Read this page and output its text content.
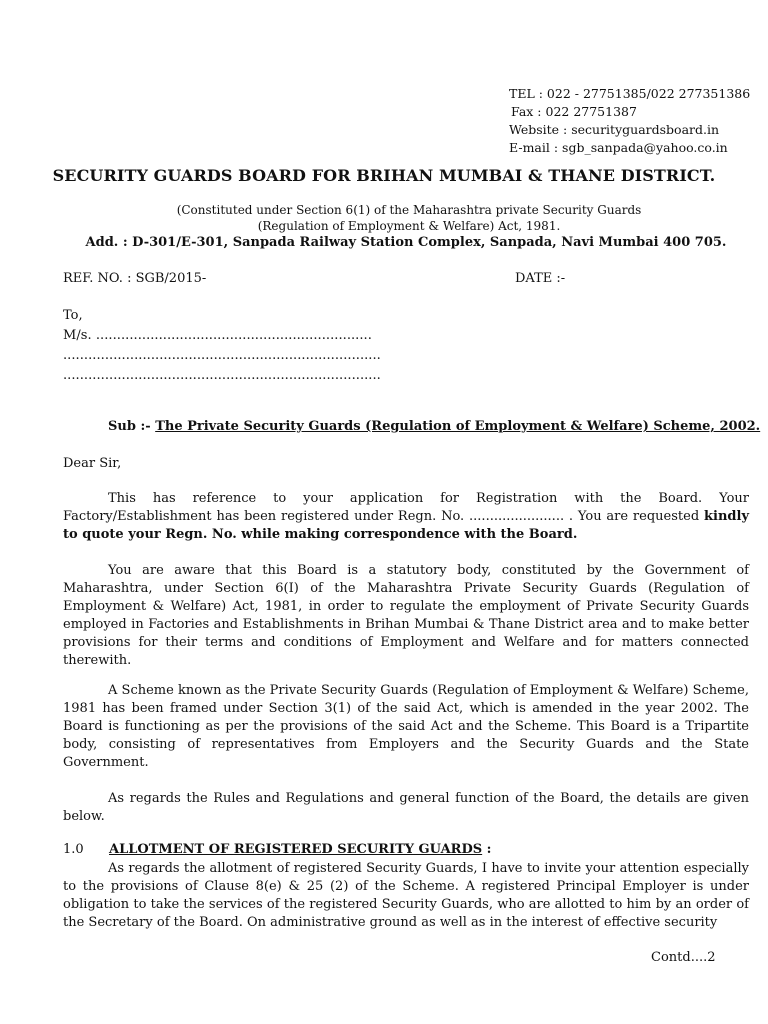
TEL : 022 - 27751385/022 277351386
Fax : 022 27751387
Website : securityguardsboard.in
E-mail : sgb_sanpada@yahoo.co.in
SECURITY GUARDS BOARD FOR BRIHAN MUMBAI & THANE DISTRICT.
(Constituted under Section 6(1) of the Maharashtra private Security Guards
(Regulation of Employment & Welfare) Act, 1981.
Add. : D-301/E-301, Sanpada Railway Station Complex, Sanpada, Navi Mumbai 400 705.
REF. NO. : SGB/2015-	DATE :-
To,
M/s. ..................................................................
............................................................................
............................................................................
Sub :- The Private Security Guards (Regulation of Employment & Welfare) Scheme, 2002.
Dear Sir,
This has reference to your application for Registration with the Board. Your Factory/Establishment has been registered under Regn. No. ....................... . You are requested kindly to quote your Regn. No. while making correspondence with the Board.
You are aware that this Board is a statutory body, constituted by the Government of Maharashtra, under Section 6(I) of the Maharashtra Private Security Guards (Regulation of Employment & Welfare) Act, 1981, in order to regulate the employment of Private Security Guards employed in Factories and Establishments in Brihan Mumbai & Thane District area and to make better provisions for their terms and conditions of Employment and Welfare and for matters connected therewith.
A Scheme known as the Private Security Guards (Regulation of Employment & Welfare) Scheme, 1981 has been framed under Section 3(1) of the said Act, which is amended in the year 2002. The Board is functioning as per the provisions of the said Act and the Scheme. This Board is a Tripartite body, consisting of representatives from Employers and the Security Guards and the State Government.
As regards the Rules and Regulations and general function of the Board, the details are given below.
1.0 ALLOTMENT OF REGISTERED SECURITY GUARDS :
As regards the allotment of registered Security Guards, I have to invite your attention especially to the provisions of Clause 8(e) & 25 (2) of the Scheme. A registered Principal Employer is under obligation to take the services of the registered Security Guards, who are allotted to him by an order of the Secretary of the Board. On administrative ground as well as in the interest of effective security
Contd....2
